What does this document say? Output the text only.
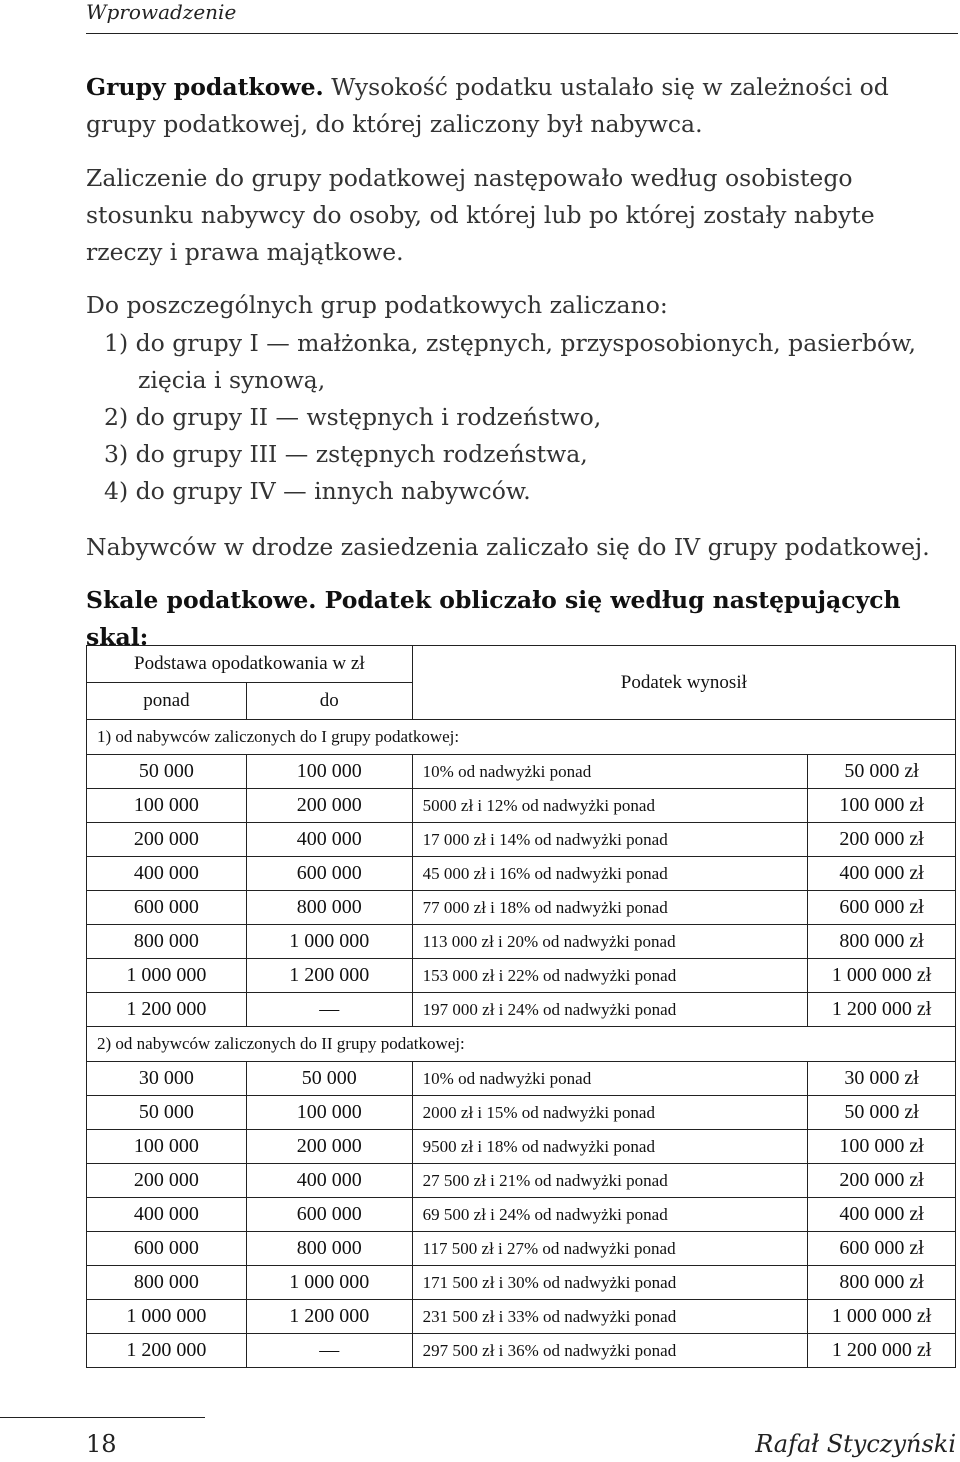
Wprowadzenie

Grupy podatkowe. Wysokość podatku ustalało się w zależności od grupy podatkowej, do której zaliczony był nabywca.

Zaliczenie do grupy podatkowej następowało według osobistego stosunku nabywcy do osoby, od której lub po której zostały nabyte rzeczy i prawa majątkowe.

Do poszczególnych grup podatkowych zaliczano:

1) do grupy I — małżonka, zstępnych, przysposobionych, pasierbów,
zięcia i synową,
2) do grupy II — wstępnych i rodzeństwo,
3) do grupy III — zstępnych rodzeństwa,
4) do grupy IV — innych nabywców.

Nabywców w drodze zasiedzenia zaliczało się do IV grupy podatkowej.

Skale podatkowe. Podatek obliczało się według następujących skal:
Podstawa opodatkowania w zł		Podatek wynosił	
ponad	do		
1) od nabywców zaliczonych do I grupy podatkowej:			
50 000	100 000	10% od nadwyżki ponad	50 000 zł
100 000	200 000	5000 zł i 12% od nadwyżki ponad	100 000 zł
200 000	400 000	17 000 zł i 14% od nadwyżki ponad	200 000 zł
400 000	600 000	45 000 zł i 16% od nadwyżki ponad	400 000 zł
600 000	800 000	77 000 zł i 18% od nadwyżki ponad	600 000 zł
800 000	1 000 000	113 000 zł i 20% od nadwyżki ponad	800 000 zł
1 000 000	1 200 000	153 000 zł i 22% od nadwyżki ponad	1 000 000 zł
1 200 000	—	197 000 zł i 24% od nadwyżki ponad	1 200 000 zł
2) od nabywców zaliczonych do II grupy podatkowej:			
30 000	50 000	10% od nadwyżki ponad	30 000 zł
50 000	100 000	2000 zł i 15% od nadwyżki ponad	50 000 zł
100 000	200 000	9500 zł i 18% od nadwyżki ponad	100 000 zł
200 000	400 000	27 500 zł i 21% od nadwyżki ponad	200 000 zł
400 000	600 000	69 500 zł i 24% od nadwyżki ponad	400 000 zł
600 000	800 000	117 500 zł i 27% od nadwyżki ponad	600 000 zł
800 000	1 000 000	171 500 zł i 30% od nadwyżki ponad	800 000 zł
1 000 000	1 200 000	231 500 zł i 33% od nadwyżki ponad	1 000 000 zł
1 200 000	—	297 500 zł i 36% od nadwyżki ponad	1 200 000 zł
18	Rafał Styczyński
